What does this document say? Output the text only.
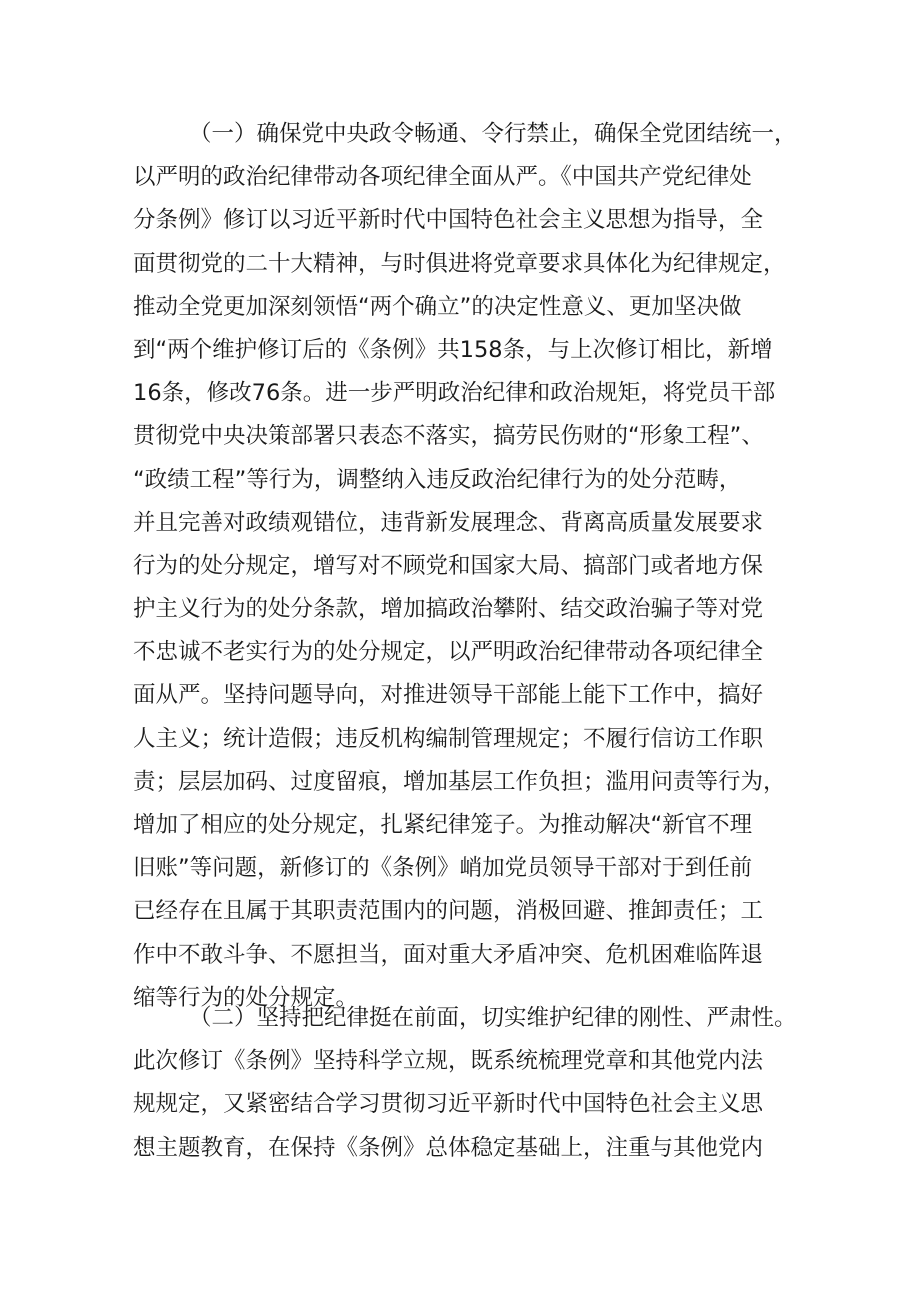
（一）确保党中央政令畅通、令行禁止，确保全党团结统一，
以严明的政治纪律带动各项纪律全面从严。《中国共产党纪律处
分条例》修订以习近平新时代中国特色社会主义思想为指导，全
面贯彻党的二十大精神，与时俱进将党章要求具体化为纪律规定，
推动全党更加深刻领悟“两个确立”的决定性意义、更加坚决做
到“两个维护修订后的《条例》共158条，与上次修订相比，新增
16条，修改76条。进一步严明政治纪律和政治规矩，将党员干部
贯彻党中央决策部署只表态不落实，搞劳民伤财的“形象工程”、
“政绩工程”等行为，调整纳入违反政治纪律行为的处分范畴，
并且完善对政绩观错位，违背新发展理念、背离高质量发展要求
行为的处分规定，增写对不顾党和国家大局、搞部门或者地方保
护主义行为的处分条款，增加搞政治攀附、结交政治骗子等对党
不忠诚不老实行为的处分规定，以严明政治纪律带动各项纪律全
面从严。坚持问题导向，对推进领导干部能上能下工作中，搞好
人主义；统计造假；违反机构编制管理规定；不履行信访工作职
责；层层加码、过度留痕，增加基层工作负担；滥用问责等行为，
增加了相应的处分规定，扎紧纪律笼子。为推动解决“新官不理
旧账”等问题，新修订的《条例》峭加党员领导干部对于到任前
已经存在且属于其职责范围内的问题，消极回避、推卸责任；工
作中不敢斗争、不愿担当，面对重大矛盾冲突、危机困难临阵退
缩等行为的处分规定。
（二）坚持把纪律挺在前面，切实维护纪律的刚性、严肃性。
此次修订《条例》坚持科学立规，既系统梳理党章和其他党内法
规规定，又紧密结合学习贯彻习近平新时代中国特色社会主义思
想主题教育，在保持《条例》总体稳定基础上，注重与其他党内
